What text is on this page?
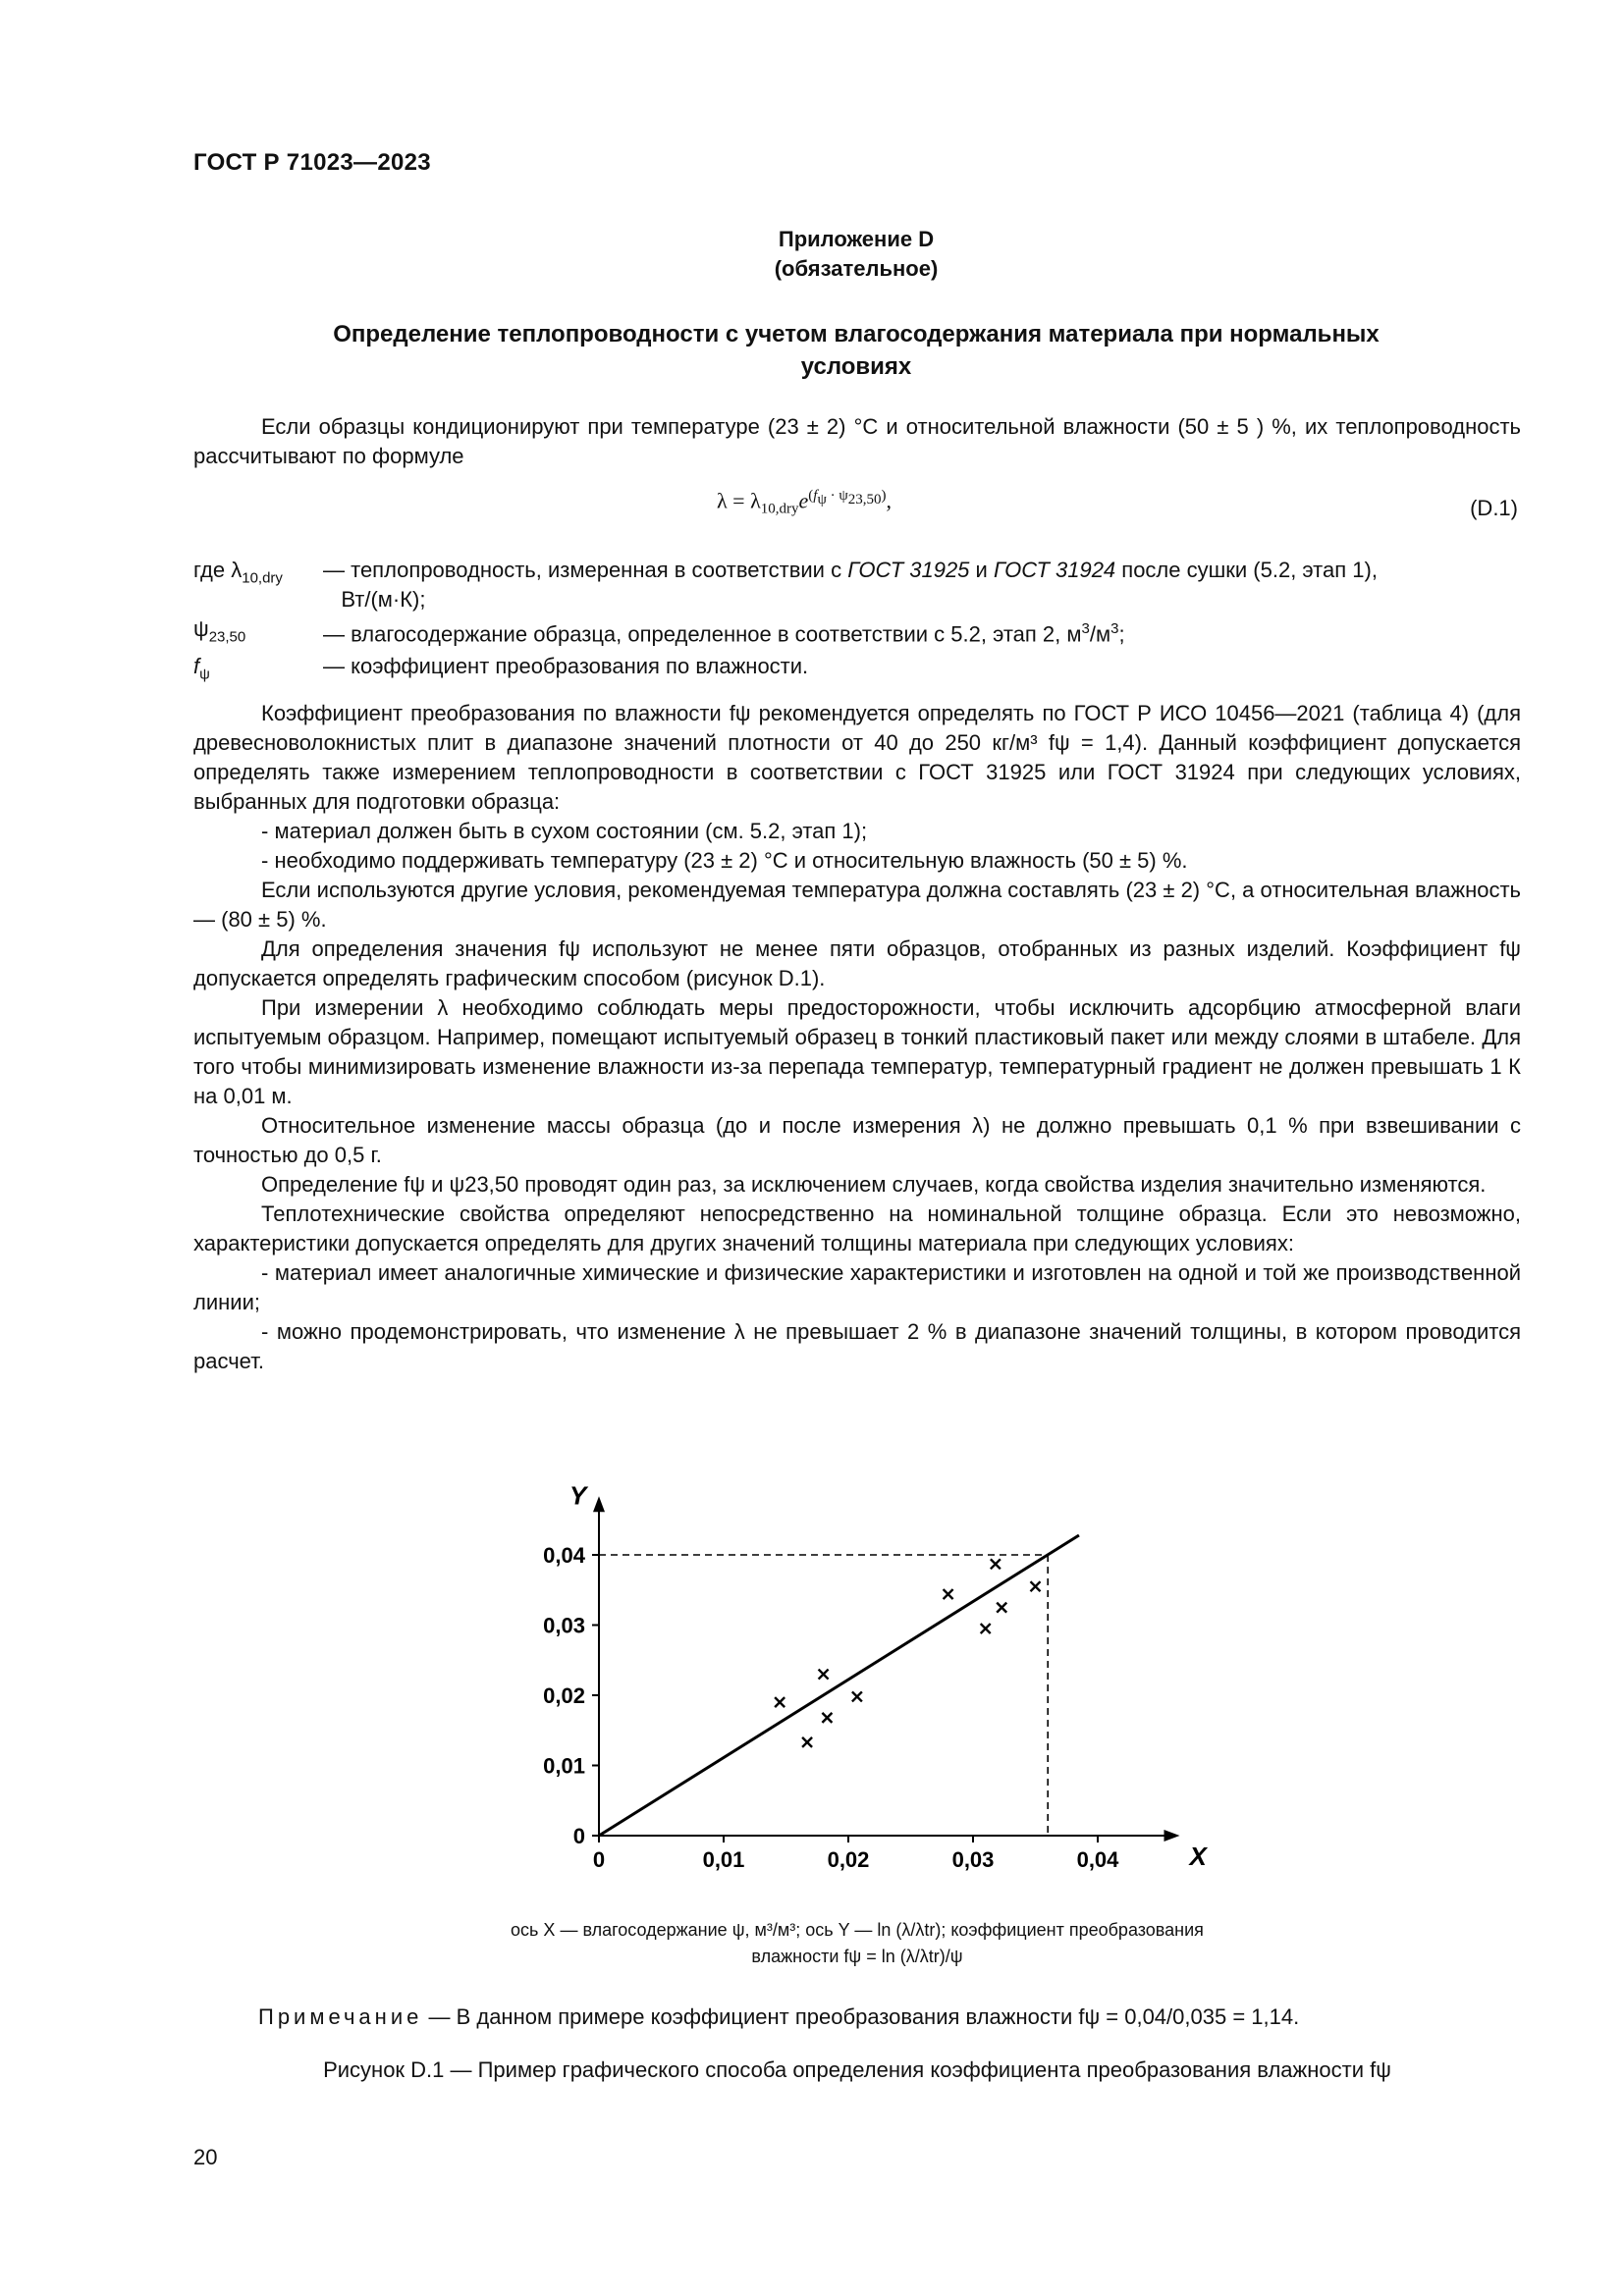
ГОСТ Р 71023—2023
Приложение D
(обязательное)
Определение теплопроводности с учетом влагосодержания материала при нормальных
условиях

Если образцы кондиционируют при температуре (23 ± 2) °С и относительной влажности (50 ± 5 ) %, их теплопроводность рассчитывают по формуле

$\lambda = \lambda_{10,dry}e^{(f_\psi \cdot \psi_{23,50})}$,	(D.1)
где $\lambda_{10,dry}$	— теплопроводность, измеренная в соответствии с ГОСТ 31925 и ГОСТ 31924 после сушки (5.2, этап 1),
Вт/(м·К);
$\psi_{23,50}$	— влагосодержание образца, определенное в соответствии с 5.2, этап 2, $м^3/м^3$;
$f_\psi$	— коэффициент преобразования по влажности.

Коэффициент преобразования по влажности fψ рекомендуется определять по ГОСТ Р ИСО 10456—2021 (таблица 4) (для древесноволокнистых плит в диапазоне значений плотности от 40 до 250 кг/м³ fψ = 1,4). Данный коэффициент допускается определять также измерением теплопроводности в соответствии с ГОСТ 31925 или ГОСТ 31924 при следующих условиях, выбранных для подготовки образца:

- материал должен быть в сухом состоянии (см. 5.2, этап 1);

- необходимо поддерживать температуру (23 ± 2) °С и относительную влажность (50 ± 5) %.

Если используются другие условия, рекомендуемая температура должна составлять (23 ± 2) °С, а относительная влажность — (80 ± 5) %.

Для определения значения fψ используют не менее пяти образцов, отобранных из разных изделий. Коэффициент fψ допускается определять графическим способом (рисунок D.1).

При измерении λ необходимо соблюдать меры предосторожности, чтобы исключить адсорбцию атмосферной влаги испытуемым образцом. Например, помещают испытуемый образец в тонкий пластиковый пакет или между слоями в штабеле. Для того чтобы минимизировать изменение влажности из-за перепада температур, температурный градиент не должен превышать 1 К на 0,01 м.

Относительное изменение массы образца (до и после измерения λ) не должно превышать 0,1 % при взвешивании с точностью до 0,5 г.

Определение fψ и ψ23,50 проводят один раз, за исключением случаев, когда свойства изделия значительно изменяются.

Теплотехнические свойства определяют непосредственно на номинальной толщине образца. Если это невозможно, характеристики допускается определять для других значений толщины материала при следующих условиях:

- материал имеет аналогичные химические и физические характеристики и изготовлен на одной и той же производственной линии;

- можно продемонстрировать, что изменение λ не превышает 2 % в диапазоне значений толщины, в котором проводится расчет.

X
Y
0
0
0,01
0,01
0,02
0,02
0,03
0,03
0,04
0,04
ось X — влагосодержание ψ, м³/м³; ось Y — ln (λ/λtr); коэффициент преобразования
влажности fψ = ln (λ/λtr)/ψ
Примечание — В данном примере коэффициент преобразования влажности fψ = 0,04/0,035 = 1,14.
Рисунок D.1 — Пример графического способа определения коэффициента преобразования влажности fψ
20
